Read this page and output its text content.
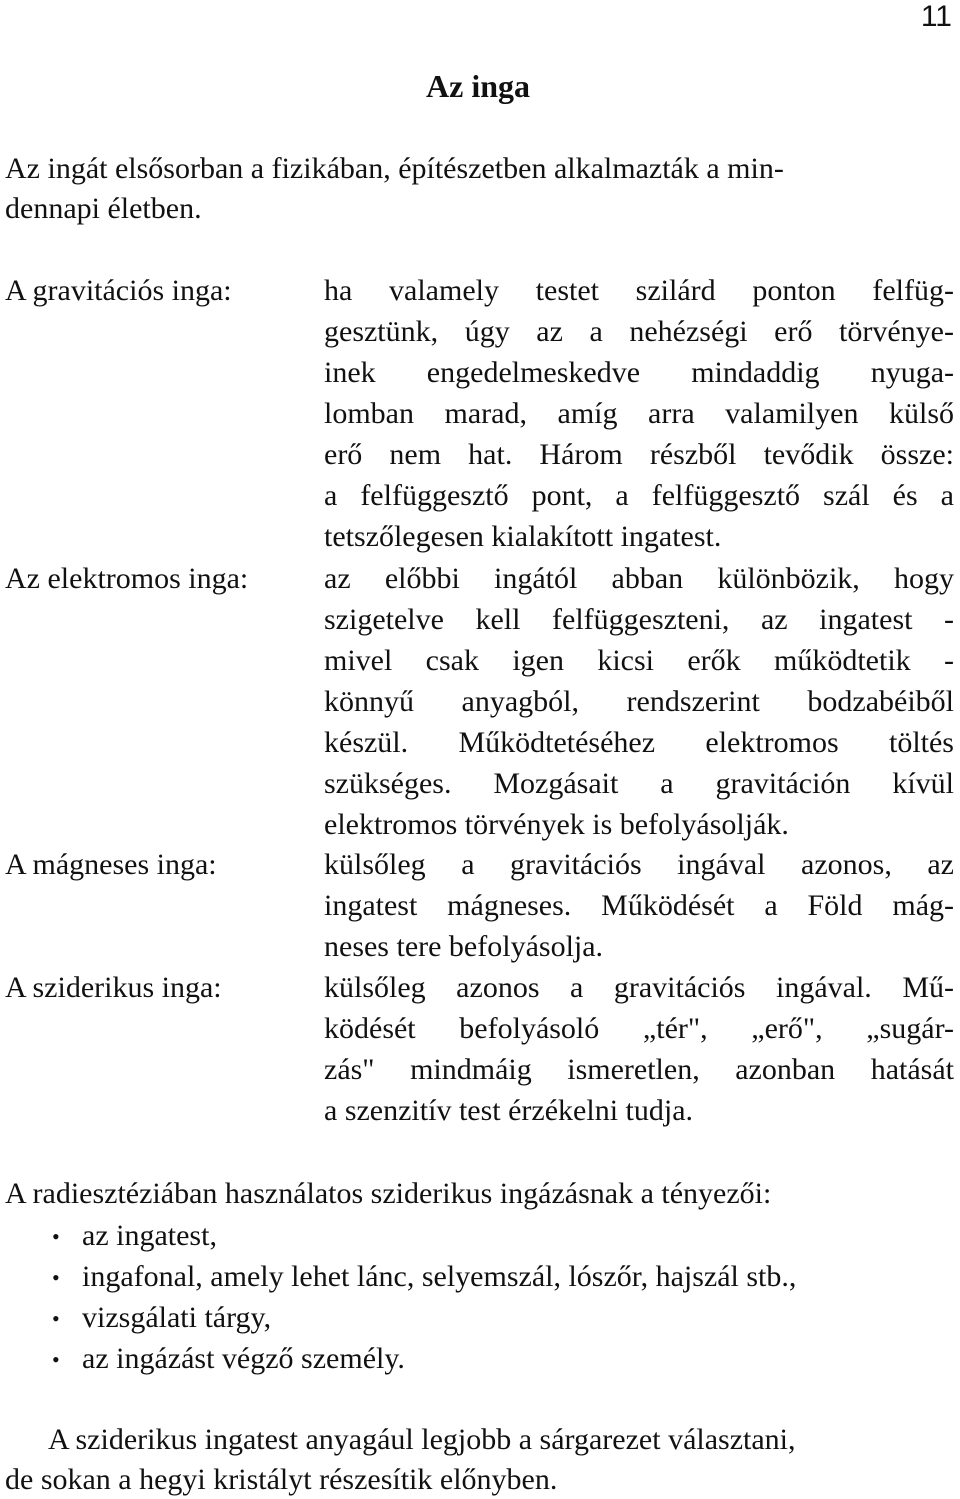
11
Az inga
Az ingát elsősorban a fizikában, építészetben alkalmazták a min-
dennapi életben.
A gravitációs inga:	ha valamely testet szilárd ponton felfüg-
gesztünk, úgy az a nehézségi erő törvénye-
inek engedelmeskedve mindaddig nyuga-
lomban marad, amíg arra valamilyen külső
erő nem hat. Három részből tevődik össze:
a felfüggesztő pont, a felfüggesztő szál és a
tetszőlegesen kialakított ingatest.
Az elektromos inga:	az előbbi ingától abban különbözik, hogy
szigetelve kell felfüggeszteni, az ingatest -
mivel csak igen kicsi erők működtetik -
könnyű anyagból, rendszerint bodzabéiből
készül. Működtetéséhez elektromos töltés
szükséges. Mozgásait a gravitáción kívül
elektromos törvények is befolyásolják.
A mágneses inga:	külsőleg a gravitációs ingával azonos, az
ingatest mágneses. Működését a Föld mág-
neses tere befolyásolja.
A sziderikus inga:	külsőleg azonos a gravitációs ingával. Mű-
ködését befolyásoló „tér", „erő", „sugár-
zás" mindmáig ismeretlen, azonban hatását
a szenzitív test érzékelni tudja.
A radiesztéziában használatos sziderikus ingázásnak a tényezői:
• az ingatest,
• ingafonal, amely lehet lánc, selyemszál, lószőr, hajszál stb.,
• vizsgálati tárgy,
• az ingázást végző személy.
A sziderikus ingatest anyagául legjobb a sárgarezet választani,
de sokan a hegyi kristályt részesítik előnyben.
